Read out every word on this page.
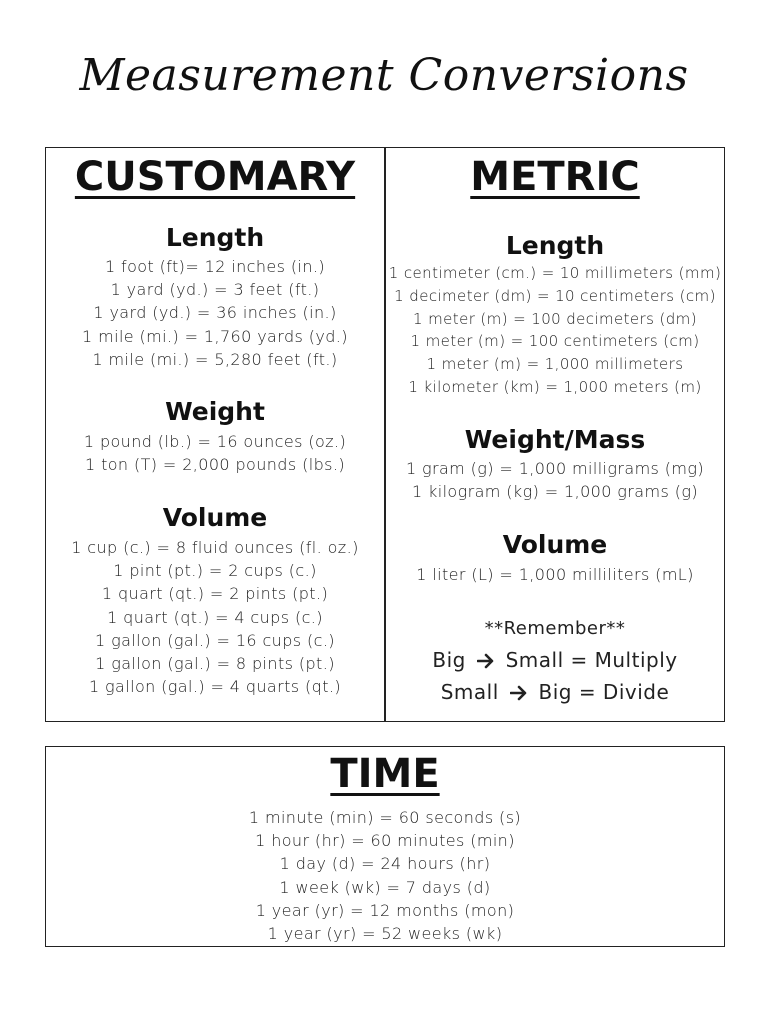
Measurement Conversions
CUSTOMARY
Length
1 foot (ft)= 12 inches (in.)
1 yard (yd.) = 3 feet (ft.)
1 yard (yd.) = 36 inches (in.)
1 mile (mi.) = 1,760 yards (yd.)
1 mile (mi.) = 5,280 feet (ft.)
Weight
1 pound (lb.) = 16 ounces (oz.)
1 ton (T) = 2,000 pounds (lbs.)
Volume
1 cup (c.) = 8 fluid ounces (fl. oz.)
1 pint (pt.) = 2 cups (c.)
1 quart (qt.) = 2 pints (pt.)
1 quart (qt.) = 4 cups (c.)
1 gallon (gal.) = 16 cups (c.)
1 gallon (gal.) = 8 pints (pt.)
1 gallon (gal.) = 4 quarts (qt.)
METRIC
Length
1 centimeter (cm.) = 10 millimeters (mm)
1 decimeter (dm) = 10 centimeters (cm)
1 meter (m) = 100 decimeters (dm)
1 meter (m) = 100 centimeters (cm)
1 meter (m) = 1,000 millimeters
1 kilometer (km) = 1,000 meters (m)
Weight/Mass
1 gram (g) = 1,000 milligrams (mg)
1 kilogram (kg) = 1,000 grams (g)
Volume
1 liter (L) = 1,000 milliliters (mL)
**Remember**
Big Small = Multiply
Small Big = Divide
TIME
1 minute (min) = 60 seconds (s)
1 hour (hr) = 60 minutes (min)
1 day (d) = 24 hours (hr)
1 week (wk) = 7 days (d)
1 year (yr) = 12 months (mon)
1 year (yr) = 52 weeks (wk)
